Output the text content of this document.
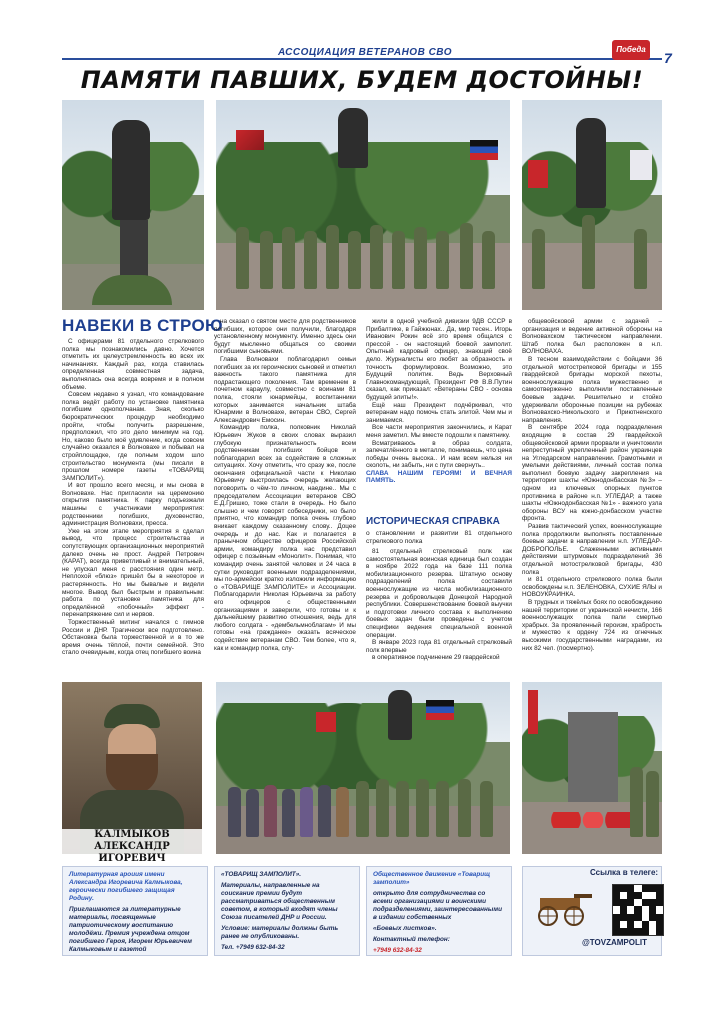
АССОЦИАЦИЯ ВЕТЕРАНОВ СВО	Победа
7
ПАМЯТИ ПАВШИХ, БУДЕМ ДОСТОЙНЫ!
НАВЕКИ В СТРОЮ

С офицерами 81 отдельного стрелкового полка мы познакомились давно. Хочется отметить их целеустремленность во всех их начинаниях. Каждый раз, когда ставилась определенная совместная задача, выполнялась она всегда вовремя и в полном объеме.

Совсем недавно я узнал, что командование полка ведёт работу по установке памятника погибшим однополчанам. Зная, сколько бюрократических процедур необходимо пройти, чтобы получить разрешение, предположил, что это дело минимум на год. Но, каково было моё удивление, когда совсем случайно оказался в Волновахе и побывал на стройплощадке, где полным ходом шло строительство монумента (мы писали в прошлом номере газеты «ТОВАРИЩ ЗАМПОЛИТ»).

И вот прошло всего месяц, и мы снова в Волновахе. Нас пригласили на церемонию открытия памятника. К парку подъезжали машины с участниками мероприятия: родственники погибших, духовенство, администрация Волновахи, пресса.

Уже на этом этапе мероприятия я сделал вывод, что процесс строительства и сопутствующих организационных мероприятий далеко очень не прост. Андрей Петрович (КАРАТ), всегда приветливый и внимательный, не упускал меня с расстояния один метр. Неплохой «блюз» пришёл бы в некоторое и растерянность. Но мы бывалые и видели многое. Вывод был быстрым и правильным: работа по установке памятника для определённой «побочный» эффект - перенапряжение сил и нервов.

Торжественный митинг начался с гимнов России и ДНР. Трагически все подготовлено. Обстановка была торжественной и в то же время очень тёплой, почти семейной. Это стало очевидным, когда отец погибшего воина

на сказал о святом месте для родственников погибших, которое они получили, благодаря установленному монументу. Именно здесь они будут мысленно общаться со своими погибшими сыновьями.

Глава Волновахи поблагодарил семьи погибших за их героических сыновей и отметил важность такого памятника для подрастающего поколения. Там временем в почетном караулу, совместно с воинами 81 полка, стояли юнармейцы, воспитанники которых занимается начальник штаба Юнармии в Волновахе, ветеран СВО, Сергей Александрович Емосин.

Командир полка, полковник Николай Юрьевич Жуков в своих словах выразил глубокую признательность всем родственникам погибших бойцов и поблагодарил всех за содействие в сложных ситуациях. Хочу отметить, что сразу же, после окончания официальной части к Николаю Юрьевичу выстроилась очередь желающих поговорить о чём-то личном, наедине.. Мы с председателем Ассоциации ветеранов СВО Е.Д.Гришко, тоже стали в очередь. Но было слышно и чем говорят собеседники, но было приятно, что командир полка очень глубоко вникает каждому сказанному слову.. Доцее очередь и до нас. Как и полагается в пранычном обществе офицеров Российской армии, командиру полка нас представил офицер с позывным «Монолит». Понимая, что командир очень занятой человек и 24 часа в сутки руководит военными подразделениями, мы по-армейски кратко изложили информацию о «ТОВАРИЩЕ ЗАМПОЛИТЕ» и Ассоциации. Поблагодарили Николая Юрьевича за работу его офицеров с общественными организациями и заверили, что готовы и к дальнейшему развитию отношения, ведь для любого солдата - «дембельмноблагам» И мы готовы «на гражданке» оказать всяческое содействие ветеранам СВО. Тем более, что я, как и командир полка, слу-

жили в одной учебной дивизии 9ДВ СССР в Прибалтике, в Гайжюнах.. Да, мир тесен.. Игорь Иванович Рокин всё это время общался с прессой - он настоящий боевой замполит. Опытный кадровый офицер, знающий своё дело. Журналисты его любят за образность и точность формулировок. Возможно, это Будущий политик. Ведь Верховный Главнокомандующий, Президент РФ В.В.Путин сказал, как приказал: «Ветераны СВО - основа будущей элиты!».

Ещё наш Президент подчёркивал, что ветеранам надо помочь стать элитой. Чем мы и занимаемся.

Все части мероприятия закончились, и Карат меня заметил. Мы вместе подошли к памятнику.

Всматриваюсь в образ солдата, запечатлённого в металле, понимаешь, что цена победы очень высока.. И нам всем нельзя ни сколоть, ни забыть, ни с пути свернуть..

СЛАВА НАШИМ ГЕРОЯМ! И ВЕЧНАЯ ПАМЯТЬ.

ИСТОРИЧЕСКАЯ СПРАВКА
о становлении и развитии 81 отдельного стрелкового полка

81 отдельный стрелковый полк как самостоятельная воинская единица был создан в ноябре 2022 года на базе 111 полка мобилизационного резерва. Штатную основу подразделений полка составили военнослужащие из числа мобилизационного резерва и добровольцев Донецкой Народной республики. Совершенствование боевой выучки и подготовки личного состава к выполнению боевых задач были проведены с учетом специфики ведения специальной военной операции.

В январе 2023 года 81 отдельный стрелковый полк впервые

в оперативное подчинение 29 гвардейской

общевойсковой армии с задачей – организация и ведение активной обороны на Волновахском тактическом направлении. Штаб полка был расположен в н.п. ВОЛНОВАХА.

В тесном взаимодействии с бойцами 36 отдельной мотострелковой бригады и 155 гвардейской бригады морской пехоты, военнослужащие полка мужественно и самоотверженно выполнили поставленные боевые задачи. Решительно и стойко удерживали оборонные позиции на рубежах Волновахско-Никольского и Приютненского направления.

В сентябре 2024 года подразделения входящие в состав 29 гвардейской общевойсковой армии прорвали и уничтожили непреступный укрепленный район украинцев на Угледарском направлении. Грамотными и умелыми действиями, личный состав полка выполнил боевую задачу закрепления на территории шахты «Южнодонбасская №3» – одном из ключевых опорных пунктов противника в районе н.п. УГЛЕДАР, а также шахты «Южнодонбасская №1» - важного узла обороны ВСУ на южно-донбасском участке фронта.

Развив тактический успех, военнослужащие полка продолжили выполнять поставленные боевые задачи в направлении н.п. УГЛЕДАР-ДОБРОПОЛЬЕ. Слаженными активными действиями штурмовых подразделений 36 отдельной мотострелковой бригады, 430 полка

и 81 отдельного стрелкового полка были освобождены н.п. ЗЕЛЕНОВКА, СУХИЕ ЯЛЫ и НОВОУКРАИНКА.

В трудных и тяжёлых боях по освобождению нашей территории от украинской нечисти, 166 военнослужащих полка пали смертью храбрых. За проявленный героизм, храбрость и мужество к ордену 724 из огнечных высокими государственными наградами, из них 82 чел. (посмертно).

КАЛМЫКОВ АЛЕКСАНДР
ИГОРЕВИЧ

Литературная ароиия имени Александра Игоревича Калмыкова, героически погибшего защищая Родину.

Приглашаются за литературные материалы, посвященные патриотическому воспитанию молодёжи. Премия учреждена отцом погибшего Героя, Игорем Юрьевичем Калмыковым и газетой

«ТОВАРИЩ ЗАМПОЛИТ».

Материалы, направленные на соискание премии будут рассматриваться общественным советом, в который входят члены Союза писателей ДНР и России.

Условие: материалы должны быть ранее не опубликованы.

Тел. +7949 632-84-32

Общественное движение «Товарищ замполит»

открыто для сотрудничества со всеми организациями и воинскими подразделениями, заинтересованными в издании собственных

«Боевых листков».

Контактный телефон:

+7949 632-84-32

Ссылка в телеге:
@TOVZAMPOLIT
